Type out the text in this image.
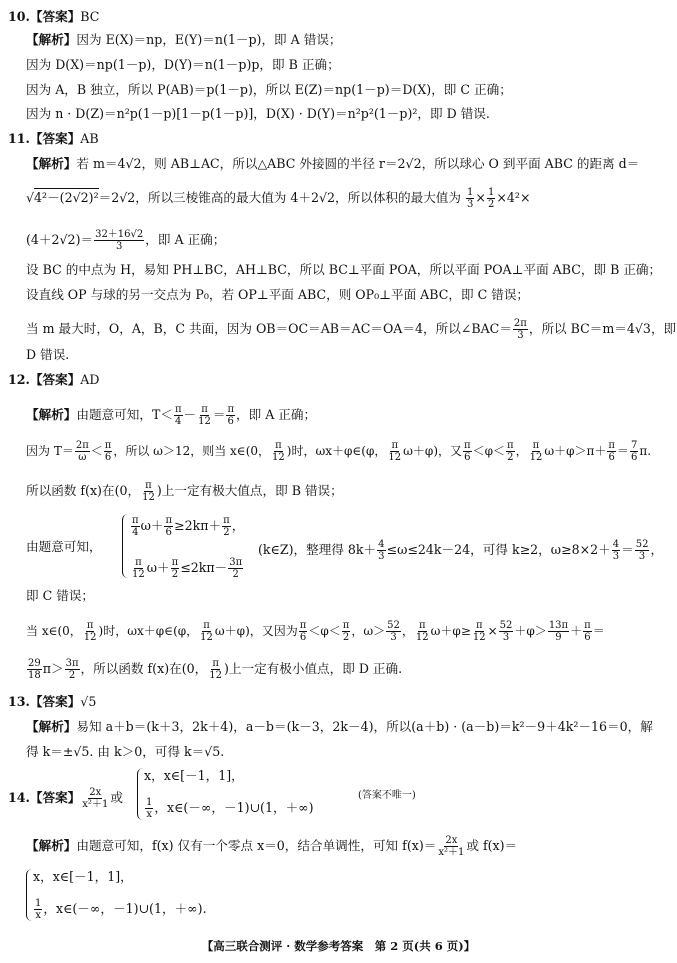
10.【答案】BC
【解析】因为 E(X)＝np，E(Y)＝n(1－p)，即 A 错误；
因为 D(X)＝np(1－p)，D(Y)＝n(1－p)p，即 B 正确；
因为 A，B 独立，所以 P(AB)＝p(1－p)，所以 E(Z)＝np(1－p)＝D(X)，即 C 正确；
因为 n · D(Z)＝n²p(1－p)[1－p(1－p)]，D(X) · D(Y)＝n²p²(1－p)²，即 D 错误.
11.【答案】AB
【解析】若 m＝4√2，则 AB⊥AC，所以△ABC 外接圆的半径 r＝2√2，所以球心 O 到平面 ABC 的距离 d＝
√4²－(2√2)²＝2√2，所以三棱锥高的最大值为 4＋2√2，所以体积的最大值为 $\frac{1}{3} \times \frac{1}{2} \times 4^2\times$
$(4+2√2)= \frac{32+16√2}{3}$ ，即 A 正确；
设 BC 的中点为 H，易知 PH⊥BC，AH⊥BC，所以 BC⊥平面 POA，所以平面 POA⊥平面 ABC，即 B 正确；
设直线 OP 与球的另一交点为 P₀，若 OP⊥平面 ABC，则 OP₀⊥平面 ABC，即 C 错误；
当 m 最大时，O，A，B，C 共面，因为 OB＝OC＝AB＝AC＝OA＝4，所以∠BAC＝ $\frac{2\pi}{3}$ ，所以 BC＝m＝4√3，即
D 错误.
12.【答案】AD
【解析】由题意可知，$T< \frac{\pi}{4} - \frac{\pi}{12} = \frac{\pi}{6}$ ，即 A 正确；
因为 $T= \frac{2\pi}{\omega} < \frac{\pi}{6}$ ，所以 ω＞12，则当 x∈(0， $\frac{\pi}{12}$ )时，ωx＋φ∈(φ， $\frac{\pi}{12} \omega+\varphi$)，又 $\frac{\pi}{6} <\varphi< \frac{\pi}{2}$ ， $\frac{\pi}{12} \omega+\varphi>\pi+ \frac{\pi}{6} = \frac{7}{6} \pi$.
所以函数 f(x)在(0， $\frac{\pi}{12}$ )上一定有极大值点，即 B 错误；
由题意可知，
$\frac{\pi}{4} \omega+ \frac{\pi}{6} \ge 2k\pi+ \frac{\pi}{2}$ ，
$\frac{\pi}{12} \omega+ \frac{\pi}{2} \le 2k\pi- \frac{3\pi}{2}$
(k∈Z)，整理得 $8k+ \frac{4}{3} \le\omega\le 24k-24$，可得 k≥2，$\omega\ge 8\times 2+ \frac{4}{3} = \frac{52}{3}$ ，
即 C 错误；
当 x∈(0， $\frac{\pi}{12}$ )时，ωx＋φ∈(φ， $\frac{\pi}{12} \omega+\varphi$)，又因为 $\frac{\pi}{6} <\varphi< \frac{\pi}{2}$ ，$\omega> \frac{52}{3}$ ， $\frac{\pi}{12} \omega+\varphi\ge \frac{\pi}{12} \times \frac{52}{3} +\varphi> \frac{13\pi}{9} + \frac{\pi}{6}$ ＝
$\frac{29}{18} \pi> \frac{3\pi}{2}$ ，所以函数 f(x)在(0， $\frac{\pi}{12}$ )上一定有极小值点，即 D 正确.
13.【答案】√5
【解析】易知 a＋b＝(k＋3，2k＋4)，a－b＝(k－3，2k－4)，所以(a＋b) · (a－b)＝k²－9＋4k²－16＝0，解
得 k＝±√5. 由 k＞0，可得 k＝√5.
14.【答案】 $\frac{2x}{\text{x²＋1}}$ 或
x，x∈[－1，1]，
$\frac{1}{x}$ ，x∈(－∞，－1)∪(1，＋∞)
(答案不唯一)
【解析】由题意可知，f(x) 仅有一个零点 x＝0，结合单调性，可知 $f(x)= \frac{2x}{\text{x²＋1}}$ 或 f(x)＝
x，x∈[－1，1]，
$\frac{1}{x}$ ，x∈(－∞，－1)∪(1，＋∞).
【高三联合测评 · 数学参考答案　第 2 页(共 6 页)】
